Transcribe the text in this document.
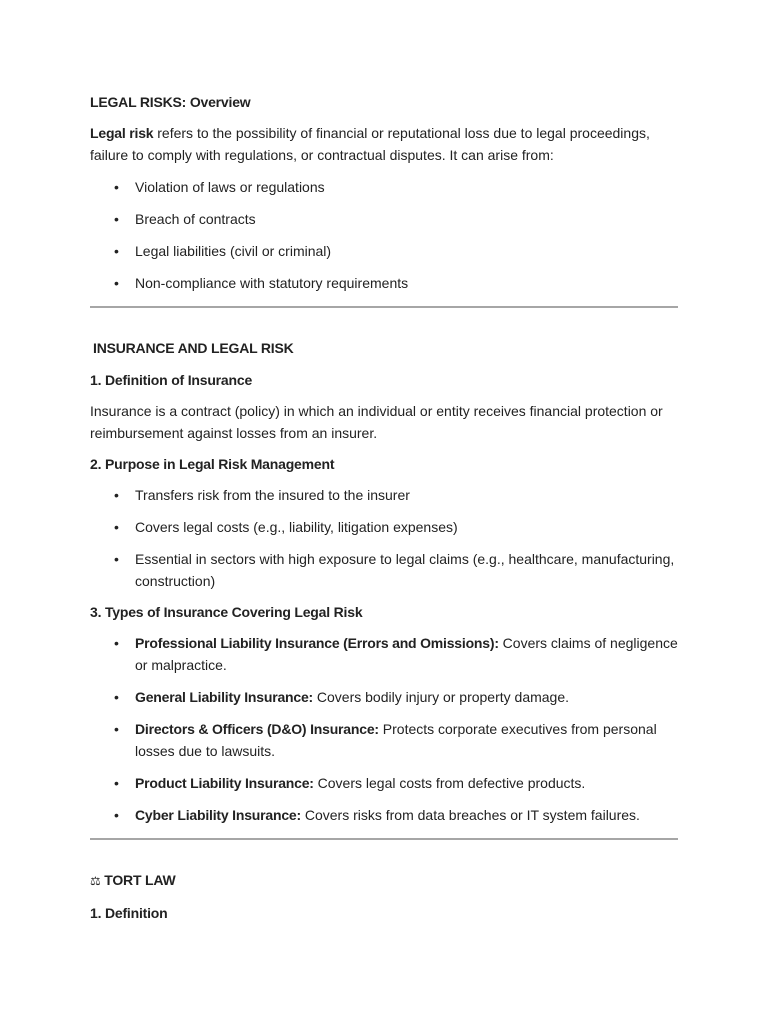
LEGAL RISKS: Overview

Legal risk refers to the possibility of financial or reputational loss due to legal proceedings, failure to comply with regulations, or contractual disputes. It can arise from:

• Violation of laws or regulations
• Breach of contracts
• Legal liabilities (civil or criminal)
• Non-compliance with statutory requirements

INSURANCE AND LEGAL RISK

1. Definition of Insurance

Insurance is a contract (policy) in which an individual or entity receives financial protection or reimbursement against losses from an insurer.

2. Purpose in Legal Risk Management

• Transfers risk from the insured to the insurer
• Covers legal costs (e.g., liability, litigation expenses)
• Essential in sectors with high exposure to legal claims (e.g., healthcare, manufacturing, construction)

3. Types of Insurance Covering Legal Risk

• Professional Liability Insurance (Errors and Omissions): Covers claims of negligence or malpractice.
• General Liability Insurance: Covers bodily injury or property damage.
• Directors & Officers (D&O) Insurance: Protects corporate executives from personal losses due to lawsuits.
• Product Liability Insurance: Covers legal costs from defective products.
• Cyber Liability Insurance: Covers risks from data breaches or IT system failures.

⚖ TORT LAW

1. Definition
